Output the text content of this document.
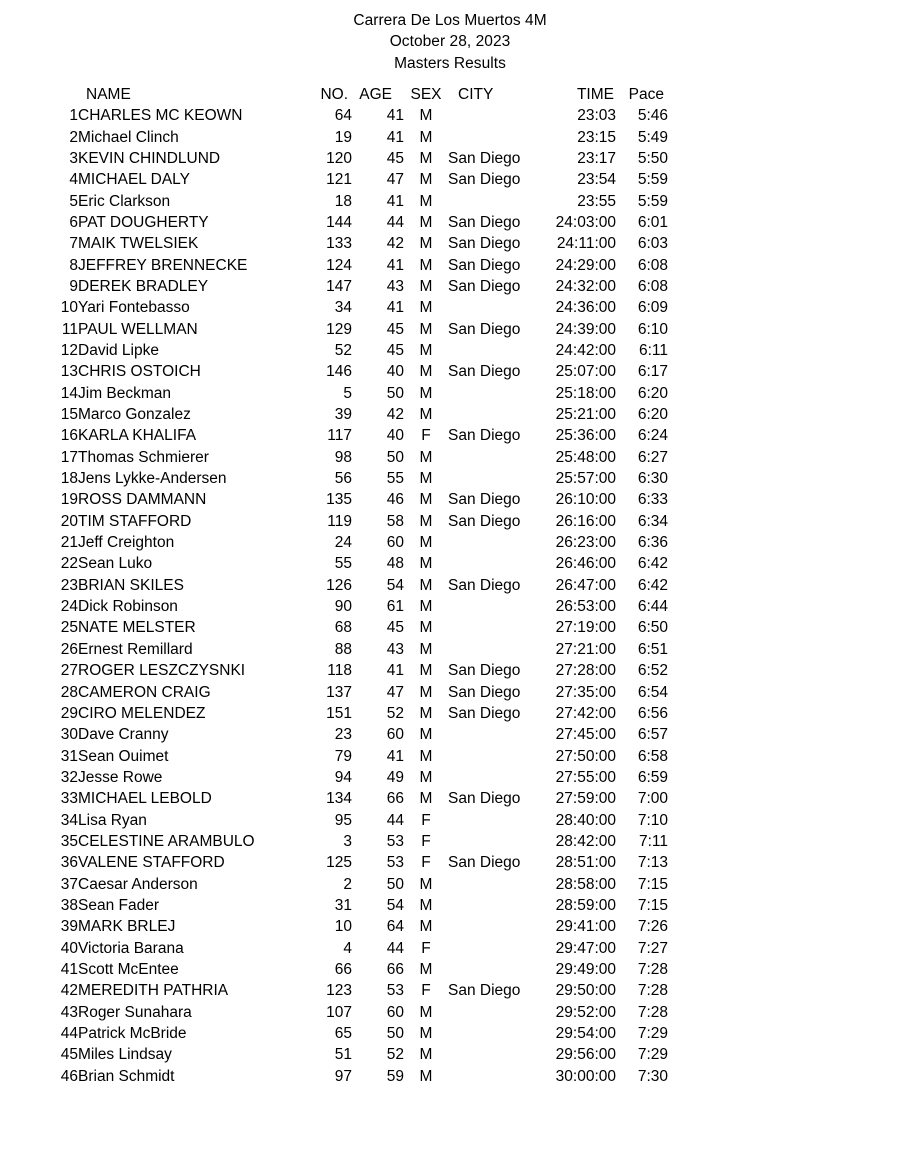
Carrera De Los Muertos 4M
October 28, 2023
Masters Results
	NAME	NO.	AGE	SEX	CITY	TIME	Pace
1	CHARLES MC KEOWN	64	41	M		23:03	5:46
2	Michael Clinch	19	41	M		23:15	5:49
3	KEVIN CHINDLUND	120	45	M	San Diego	23:17	5:50
4	MICHAEL DALY	121	47	M	San Diego	23:54	5:59
5	Eric Clarkson	18	41	M		23:55	5:59
6	PAT DOUGHERTY	144	44	M	San Diego	24:03:00	6:01
7	MAIK TWELSIEK	133	42	M	San Diego	24:11:00	6:03
8	JEFFREY BRENNECKE	124	41	M	San Diego	24:29:00	6:08
9	DEREK BRADLEY	147	43	M	San Diego	24:32:00	6:08
10	Yari Fontebasso	34	41	M		24:36:00	6:09
11	PAUL WELLMAN	129	45	M	San Diego	24:39:00	6:10
12	David Lipke	52	45	M		24:42:00	6:11
13	CHRIS OSTOICH	146	40	M	San Diego	25:07:00	6:17
14	Jim Beckman	5	50	M		25:18:00	6:20
15	Marco Gonzalez	39	42	M		25:21:00	6:20
16	KARLA KHALIFA	117	40	F	San Diego	25:36:00	6:24
17	Thomas Schmierer	98	50	M		25:48:00	6:27
18	Jens Lykke-Andersen	56	55	M		25:57:00	6:30
19	ROSS DAMMANN	135	46	M	San Diego	26:10:00	6:33
20	TIM STAFFORD	119	58	M	San Diego	26:16:00	6:34
21	Jeff Creighton	24	60	M		26:23:00	6:36
22	Sean Luko	55	48	M		26:46:00	6:42
23	BRIAN SKILES	126	54	M	San Diego	26:47:00	6:42
24	Dick Robinson	90	61	M		26:53:00	6:44
25	NATE MELSTER	68	45	M		27:19:00	6:50
26	Ernest Remillard	88	43	M		27:21:00	6:51
27	ROGER LESZCZYSNKI	118	41	M	San Diego	27:28:00	6:52
28	CAMERON CRAIG	137	47	M	San Diego	27:35:00	6:54
29	CIRO MELENDEZ	151	52	M	San Diego	27:42:00	6:56
30	Dave Cranny	23	60	M		27:45:00	6:57
31	Sean Ouimet	79	41	M		27:50:00	6:58
32	Jesse Rowe	94	49	M		27:55:00	6:59
33	MICHAEL LEBOLD	134	66	M	San Diego	27:59:00	7:00
34	Lisa Ryan	95	44	F		28:40:00	7:10
35	CELESTINE ARAMBULO	3	53	F		28:42:00	7:11
36	VALENE STAFFORD	125	53	F	San Diego	28:51:00	7:13
37	Caesar Anderson	2	50	M		28:58:00	7:15
38	Sean Fader	31	54	M		28:59:00	7:15
39	MARK BRLEJ	10	64	M		29:41:00	7:26
40	Victoria Barana	4	44	F		29:47:00	7:27
41	Scott McEntee	66	66	M		29:49:00	7:28
42	MEREDITH PATHRIA	123	53	F	San Diego	29:50:00	7:28
43	Roger Sunahara	107	60	M		29:52:00	7:28
44	Patrick McBride	65	50	M		29:54:00	7:29
45	Miles Lindsay	51	52	M		29:56:00	7:29
46	Brian Schmidt	97	59	M		30:00:00	7:30
